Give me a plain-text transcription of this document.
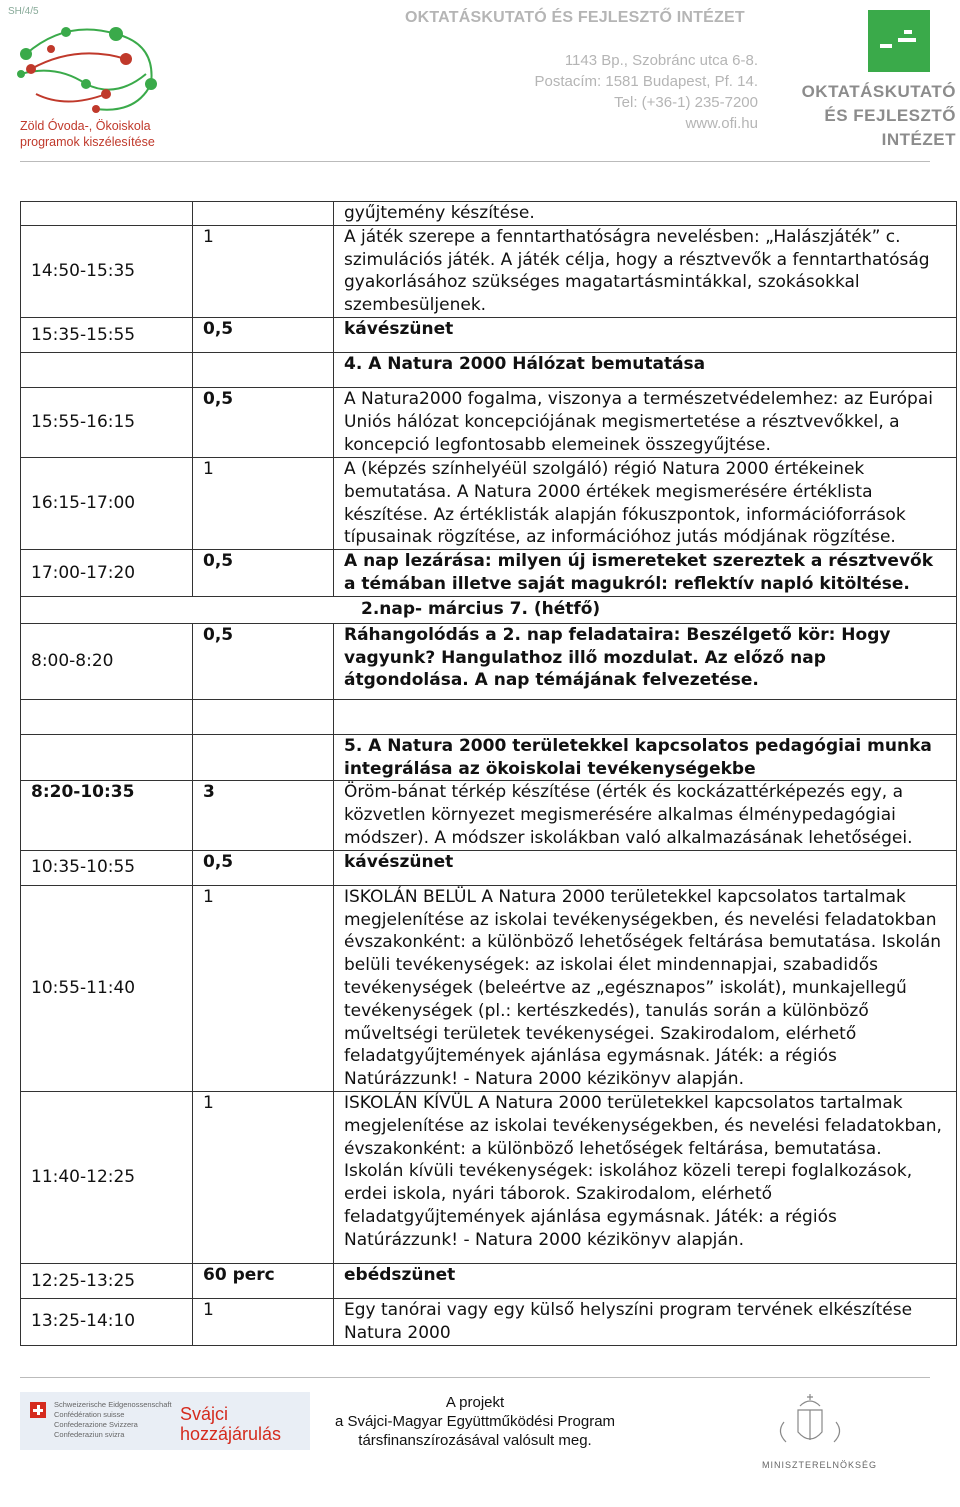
SH/4/5
Zöld Óvoda-, Ökoiskola
programok kiszélesítése
OKTATÁSKUTATÓ ÉS FEJLESZTŐ INTÉZET
1143 Bp., Szobránc utca 6-8.
Postacím: 1581 Budapest, Pf. 14.
Tel: (+36-1) 235-7200
www.ofi.hu
OKTATÁSKUTATÓ
ÉS FEJLESZTŐ
INTÉZET
		gyűjtemény készítése.
14:50-15:35	1	A játék szerepe a fenntarthatóságra nevelésben: „Halászjáték” c. szimulációs játék. A játék célja, hogy a résztvevők a fenntarthatóság gyakorlásához szükséges magatartásmintákkal, szokásokkal szembesüljenek.
15:35-15:55	0,5	kávészünet
		4. A Natura 2000 Hálózat bemutatása
15:55-16:15	0,5	A Natura2000 fogalma, viszonya a természetvédelemhez: az Európai Uniós hálózat koncepciójának megismertetése a résztvevőkkel, a koncepció legfontosabb elemeinek összegyűjtése.
16:15-17:00	1	A (képzés színhelyéül szolgáló) régió Natura 2000 értékeinek bemutatása. A Natura 2000 értékek megismerésére értéklista készítése. Az értéklisták alapján fókuszpontok, információforrások típusainak rögzítése, az információhoz jutás módjának rögzítése.
17:00-17:20	0,5	A nap lezárása: milyen új ismereteket szereztek a résztvevők a témában illetve saját magukról: reflektív napló kitöltése.
2.nap- március 7. (hétfő)		
8:00-8:20	0,5	Ráhangolódás a 2. nap feladataira: Beszélgető kör: Hogy vagyunk? Hangulathoz illő mozdulat. Az előző nap átgondolása. A nap témájának felvezetése.

		5. A Natura 2000 területekkel kapcsolatos pedagógiai munka integrálása az ökoiskolai tevékenységekbe
8:20-10:35	3	Öröm-bánat térkép készítése (érték és kockázattérképezés egy, a közvetlen környezet megismerésére alkalmas élménypedagógiai módszer). A módszer iskolákban való alkalmazásának lehetőségei.
10:35-10:55	0,5	kávészünet
10:55-11:40	1	ISKOLÁN BELÜL A Natura 2000 területekkel kapcsolatos tartalmak megjelenítése az iskolai tevékenységekben, és nevelési feladatokban évszakonként: a különböző lehetőségek feltárása bemutatása. Iskolán belüli tevékenységek: az iskolai élet mindennapjai, szabadidős tevékenységek (beleértve az „egésznapos” iskolát), munkajellegű tevékenységek (pl.: kertészkedés), tanulás során a különböző műveltségi területek tevékenységei. Szakirodalom, elérhető feladatgyűjtemények ajánlása egymásnak. Játék: a régiós Natúrázzunk! - Natura 2000 kézikönyv alapján.
11:40-12:25	1	ISKOLÁN KÍVÜL A Natura 2000 területekkel kapcsolatos tartalmak megjelenítése az iskolai tevékenységekben, és nevelési feladatokban, évszakonként: a különböző lehetőségek feltárása, bemutatása. Iskolán kívüli tevékenységek: iskolához közeli terepi foglalkozások, erdei iskola, nyári táborok. Szakirodalom, elérhető feladatgyűjtemények ajánlása egymásnak. Játék: a régiós Natúrázzunk! - Natura 2000 kézikönyv alapján.
12:25-13:25	60 perc	ebédszünet
13:25-14:10	1	Egy tanórai vagy egy külső helyszíni program tervének elkészítése Natura 2000
Schweizerische Eidgenossenschaft
Confédération suisse
Confederazione Svizzera
Confederaziun svizra
Svájci
hozzájárulás
A projekt
a Svájci-Magyar Együttműködési Program
társfinanszírozásával valósult meg.
MINISZTERELNÖKSÉG
